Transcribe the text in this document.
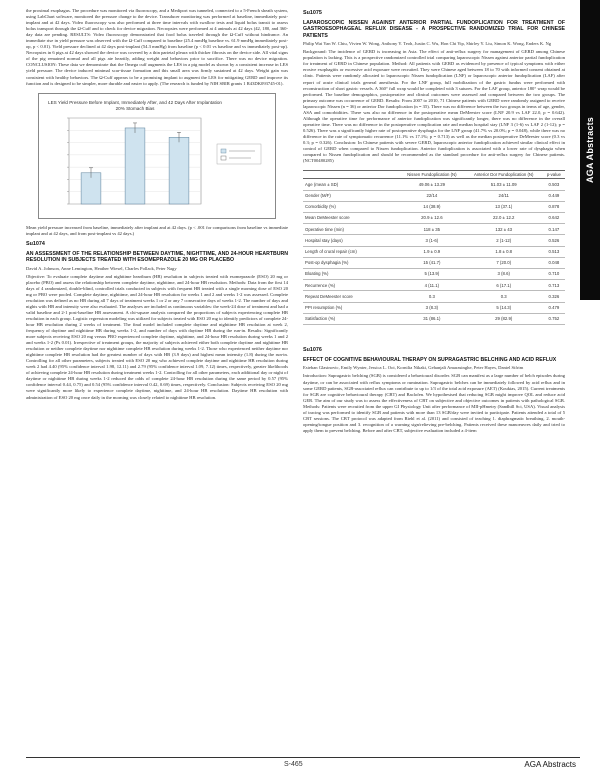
AGA Abstracts

the proximal esophagus. The procedure was monitored via fluoroscopy, and a Mediport was tunneled, connected to a 5-French sheath system, using LabChart software, monitored the pressure change to the device. Transducer monitoring was performed at baseline, immediately post-implant and at 42 days. Video fluoroscopy was also performed at three time intervals with swallow tests and liquid bolus transit to assess bolus transport through the Ω-Cuff and to check for device migration. Necropsies were performed at 4 animals at 42 days (42, 180, and 360-day data are pending. RESULTS: Video fluoroscopy demonstrated that food bolus traveled through the Ω-Cuff without hindrance. An immediate rise in yield pressure was observed with the Ω-Cuff compared to baseline (25.4 mmHg baseline vs. 61.9 mmHg immediately post-op, p < 0.01). Yield pressure declined at 42 days post-implant (54.3 mmHg) from baseline (p < 0.01 vs baseline and vs immediately post-op). Necropsies in 6 pigs at 42 days showed the device was covered by a thin parietal pleura with thicker fibrosis on the device side. All vital signs of the pig remained normal and all pigs ate heartily, adding weight and behaviors prior to sacrifice. There was no device migration. CONCLUSION: These data we demonstrate that the Omega cuff augments the LES in a pig model as shown by a consistent increase in LES yield pressure. The device induced minimal scar-tissue formation and this small area was firmly sustained at 42 days. Weight gain was consistent with healthy behaviors. The Ω-Cuff appears to be a promising implant to augment the LES for mitigating GERD and improve its function and is designed to be simpler, more durable and easier to apply. (The research is funded by NIH SBIR grants 1 R43DK093745-01).

LES Yield Pressure Before Implant, Immediately After, and 42 Days After Implantation
20% Stomach Bias

Mean yield pressure increased from baseline, immediately after implant and at 42 days. (p < .001 for comparisons from baseline vs immediate implant and at 42 days, and from post-implant vs 42 days.)

Su1074
AN ASSESSMENT OF THE RELATIONSHIP BETWEEN DAYTIME, NIGHTTIME, AND 24-HOUR HEARTBURN RESOLUTION IN SUBJECTS TREATED WITH ESOMEPRAZOLE 20 MG OR PLACEBO
David A. Johnson, Anne Lemington, Heather Wiesel, Charles Pollack, Peter Nagy

Objective: To evaluate complete daytime and nighttime heartburn (HB) resolution in subjects treated with esomeprazole (ESO) 20 mg or placebo (PBO) and assess the relationship between complete daytime, nighttime, and 24-hour HB resolution. Methods: Data from the first 14 days of 4 randomized, double-blind, controlled trials conducted in subjects with frequent HB treated with a single morning dose of ESO 20 mg or PBO were pooled. Complete daytime, nighttime, and 24-hour HB resolution for weeks 1 and 2 and weeks 1-2 was assessed. Complete resolution was defined as no HB during all 7 days of treatment weeks 1 or 2 or any 7 consecutive days of weeks 1-2. The number of days and nights with HB and intensity were also evaluated. The analyses are included as continuous variables: the week-24 dose of treatment and had a valid baseline and 2-1 post-baseline HB assessment. A chi-square analysis compared the proportions of subjects experiencing complete HB resolution in each group. Logistic regression modeling was utilized for subjects treated with ESO 20 mg to identify predictors of complete 24-hour HB resolution during 2 weeks of treatment. The final model included complete daytime and nighttime HB resolution at week 2, frequency of daytime and nighttime HB during weeks 1-2, and number of days with daytime HB during the run-in. Results: Significantly more subjects receiving ESO 20 mg versus PBO experienced complete daytime, nighttime, and 24-hour HB resolution during weeks 1 and 2 and weeks 1-2 (Ps 0.01). Irrespective of treatment groups, the majority of subjects achieved either both complete daytime and nighttime HB resolution or neither complete daytime nor nighttime complete HB resolution during weeks 1-2. Those who experienced neither daytime nor nighttime complete HB resolution had the greatest number of days with HB (3.9 days) and highest mean intensity (1.8) during the run-in. Controlling for all other parameters, subjects treated with ESO 20 mg who achieved complete daytime and nighttime HB resolution during week 2 had 4.40 (95% confidence interval 1.98, 12.11) and 2.79 (95% confidence interval 1.09, 7.12) times, respectively, greater likelihoods of achieving complete 24-hour HB resolution during treatment weeks 1-2. Controlling for all other parameters, each additional day or night of daytime or nighttime HB during weeks 1-2 reduced the odds of complete 24-hour HB resolution during the same period by 0.57 (95% confidence interval 0.44, 0.75) and 0.54 (95% confidence interval 0.42, 0.69) times, respectively. Conclusion: Subjects receiving ESO 20 mg were significantly more likely to experience complete daytime, nighttime, and 24-hour HB resolution. Daytime HB resolution with administration of ESO 20 mg once daily in the morning was closely related to nighttime HB resolution.

Su1075
LAPAROSCOPIC NISSEN AGAINST ANTERIOR PARTIAL FUNDOPLICATION FOR TREATMENT OF GASTROESOPHAGEAL REFLUX DISEASE - A PROSPECTIVE RANDOMIZED TRIAL FOR CHINESE PATIENTS
Philip Wai Yan W. Chiu, Vivien W. Wong, Anthony Y. Teoh, Justin C. Wu, Hon Chi Yip, Shirley Y. Liu, Simon K. Wong, Enders K. Ng

Background: The incidence of GERD is increasing in Asia. The effect of anti-reflux surgery for management of GERD among Chinese population is lacking. This is a prospective randomized controlled trial comparing laparoscopic Nissen against anterior partial fundoplication for treatment of GERD in Chinese population. Method: All patients with GERD as evidenced by presence of typical symptoms with either erosive esophagitis or excessive acid exposure were recruited. They were Chinese aged between 18 to 70 with informed consent obtained at clinic. Patients were randomly allocated to laparoscopic Nissen fundoplication (LNF) or laparoscopic anterior fundoplication (LAF) after report of acute clinical trials general anesthesia. For the LNF group, full mobilization of the gastric fundus were performed with reconstruction of short gastric vessels. A 360° full wrap would be completed with 3 sutures. For the LAF group, anterior 180° wrap would be performed. The baseline demographics, postoperative and clinical outcomes were assessed and compared between the two groups. The primary outcome was occurrence of GERD. Results: From 2007 to 2010, 71 Chinese patients with GERD were randomly assigned to receive laparoscopic Nissen (n = 36) or anterior Dor fundoplication (n = 35). There was no difference between the two groups in terms of age, gender, ASA and comorbidities. There was also no difference in the postoperative mean DeMeester score (LNF 20.9 vs LAF 22.0, p = 0.642). Although the operative time for performance of anterior fundoplication was significantly longer, there was no difference in the overall operative time. There was no difference in the postoperative complication rate and median hospital stay (LNF 3 (1-6) vs LAF 2 (1-12); p = 0.526). There was a significantly higher rate of postoperative dysphagia for the LNF group (41.7% vs 20.0%; p = 0.048), while there was no difference in the rate of symptomatic recurrence (11.1% vs 17.1%; p = 0.713) as well as the median postoperative DeMeester score (0.3 vs 0.3; p = 0.326). Conclusion: In Chinese patients with severe GERD, laparoscopic anterior fundoplication achieved similar clinical effect in control of GERD when compared to Nissen fundoplication. Anterior fundoplication is associated with a lower rate of dysphagia when compared to Nissen fundoplication and should be recommended as the standard procedure for anti-reflux surgery for Chinese patients. (NCT00480285)

	Nissen Fundoplication (N)	Anterior Dor Fundoplication (N)	p-value
Age (mean ± SD)	49.06 ± 13.29	51.03 ± 11.09	0.503
Gender (M/F)	22/14	24/11	0.449
Comorbidity (%)	14 (38.9)	13 (37.1)	0.878
Mean DeMeester score	20.9 ± 12.6	22.0 ± 12.2	0.642
Operative time (min)	118 ± 35	132 ± 43	0.147
Hospital stay (days)	3 (1-6)	2 (1-12)	0.526
Length of crural repair (cm)	1.9 ± 0.9	1.8 ± 0.8	0.513
Post-op dysphagia (%)	15 (41.7)	7 (20.0)	0.048
Bloating (%)	5 (13.9)	3 (8.6)	0.710
Recurrence (%)	4 (11.1)	6 (17.1)	0.713
Repeat DeMeester score	0.3	0.3	0.326
PPI resumption (%)	3 (8.3)	5 (14.3)	0.479
Satisfaction (%)	31 (86.1)	29 (82.9)	0.752
Su1076
EFFECT OF COGNITIVE BEHAVIOURAL THERAPY ON SUPRAGASTRIC BELCHING AND ACID REFLUX
Esteban Glasinovic, Emily Wynter, Jessica L. Ooi, Kornilia Nikaki, Gehanjali Amarasinghe, Peter Hayes, Daniel Sifrim

Introduction: Supragastric belching (SGB) is considered a behavioural disorder. SGB can manifest as a large number of belch episodes during daytime, or can be associated with reflux symptoms or rumination. Supragastric belches can be immediately followed by acid reflux and in some GERD patients, SGB-associated reflux can contribute to up to 1/3 of the total acid exposure (AET) (Koukias, 2015). Current treatments for SGB are cognitive behavioural therapy (CBT) and Baclofen. We hypothesised that reducing SGB might improve QOL and reduce acid GER. The aim of our study was to assess the effectiveness of CBT on subjective and objective outcomes in patients with pathological SGB. Methods: Patients were recruited from the upper GI Physiology Unit after performance of MII-pHmetry (Sandhill Sci, USA). Visual analysis of tracing was performed to identify SGB and patients with more than 13 SGB/day were invited to participate. Patients attended a total of 5 CBT sessions. The CBT protocol was adapted from Riehl et al. (2011) and consisted of teaching 1. diaphragmatic breathing, 2. mouth-opening/tongue position and 3. recognition of a warning sign/relieving pre-belching. Patients received these manoeuvres daily and tried to apply them to prevent belching. Before and after CBT, subjective evaluation included a 4-item

S-465	AGA Abstracts
